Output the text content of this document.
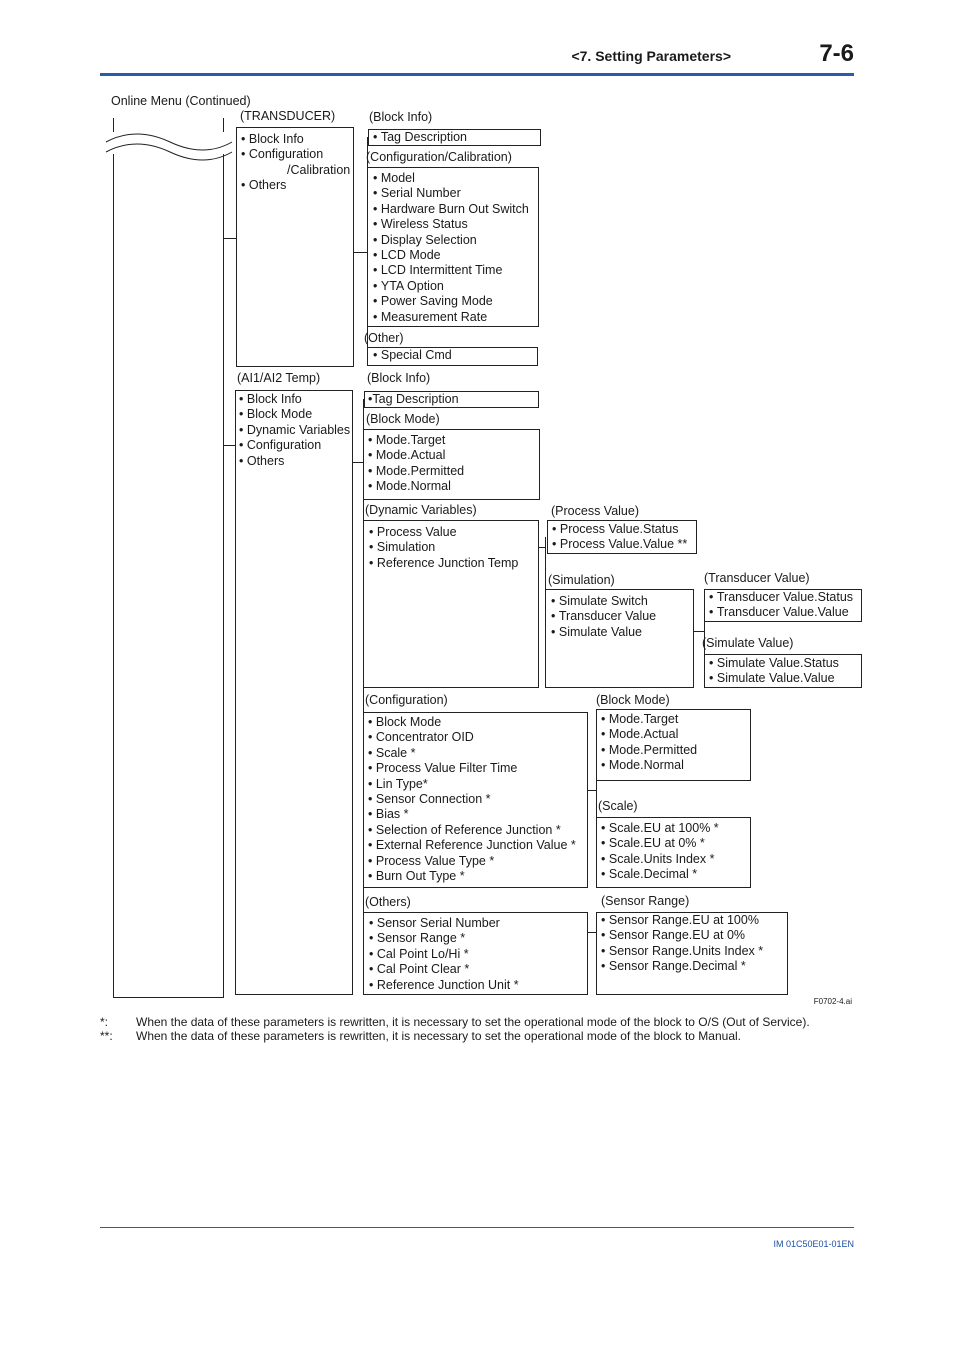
<7. Setting Parameters>	7-6
Online Menu (Continued)
(TRANSDUCER)
• Block Info
• Configuration
/Calibration
• Others
(Block Info)
• Tag Description
(Configuration/Calibration)
• Model
• Serial Number
• Hardware Burn Out Switch
• Wireless Status
• Display Selection
• LCD Mode
• LCD Intermittent Time
• YTA Option
• Power Saving Mode
• Measurement Rate
(Other)
• Special Cmd
(AI1/AI2 Temp)
• Block Info
• Block Mode
• Dynamic Variables
• Configuration
• Others
(Block Info)
•Tag Description
(Block Mode)
• Mode.Target
• Mode.Actual
• Mode.Permitted
• Mode.Normal
(Dynamic Variables)
• Process Value
• Simulation
• Reference Junction Temp
(Process Value)
• Process Value.Status
• Process Value.Value **
(Simulation)
• Simulate Switch
• Transducer Value
• Simulate Value
(Transducer Value)
• Transducer Value.Status
• Transducer Value.Value
(Simulate Value)
• Simulate Value.Status
• Simulate Value.Value
(Configuration)
• Block Mode
• Concentrator OID
• Scale *
• Process Value Filter Time
• Lin Type*
• Sensor Connection *
• Bias *
• Selection of Reference Junction *
• External Reference Junction Value *
• Process Value Type *
• Burn Out Type *
(Block Mode)
• Mode.Target
• Mode.Actual
• Mode.Permitted
• Mode.Normal
(Scale)
• Scale.EU at 100% *
• Scale.EU at 0% *
• Scale.Units Index *
• Scale.Decimal *
(Others)
• Sensor Serial Number
• Sensor Range *
• Cal Point Lo/Hi *
• Cal Point Clear *
• Reference Junction Unit *
(Sensor Range)
• Sensor Range.EU at 100%
• Sensor Range.EU at 0%
• Sensor Range.Units Index *
• Sensor Range.Decimal *
F0702-4.ai
*: When the data of these parameters is rewritten, it is necessary to set the operational mode of the block to O/S (Out of Service).
**: When the data of these parameters is rewritten, it is necessary to set the operational mode of the block to Manual.
IM 01C50E01-01EN
